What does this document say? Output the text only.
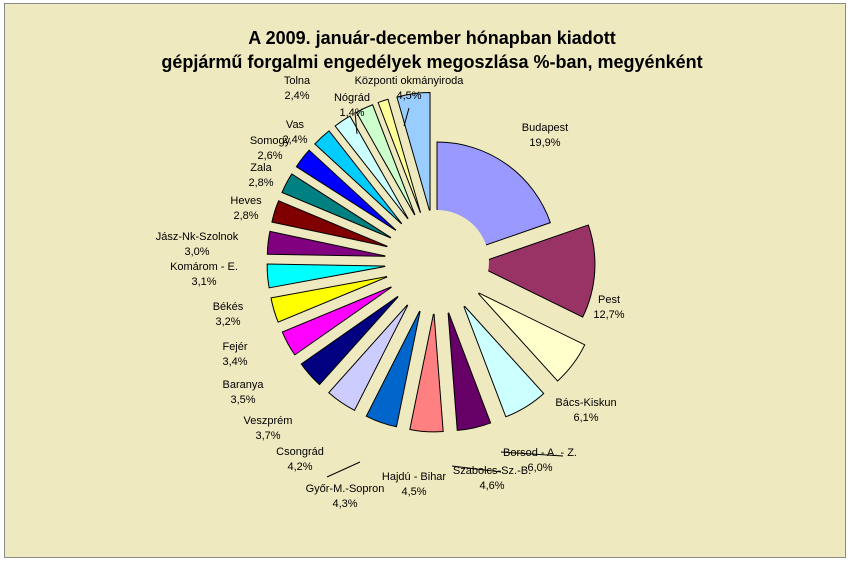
A 2009. január-december hónapban kiadott
gépjármű forgalmi engedélyek megoszlása %-ban, megyénként
Budapest
19,9%
Pest
12,7%
Bács-Kiskun
6,1%
Borsod - A. - Z.
6,0%
Szabolcs-Sz.-B.
4,6%
Hajdú - Bihar
4,5%
Győr-M.-Sopron
4,3%
Csongrád
4,2%
Veszprém
3,7%
Baranya
3,5%
Fejér
3,4%
Békés
3,2%
Komárom - E.
3,1%
Jász-Nk-Szolnok
3,0%
Heves
2,8%
Zala
2,8%
Somogy
2,6%
Vas
2,4%
Tolna
2,4% Nógrád
1,4%
Központi okmányiroda
4,5%
